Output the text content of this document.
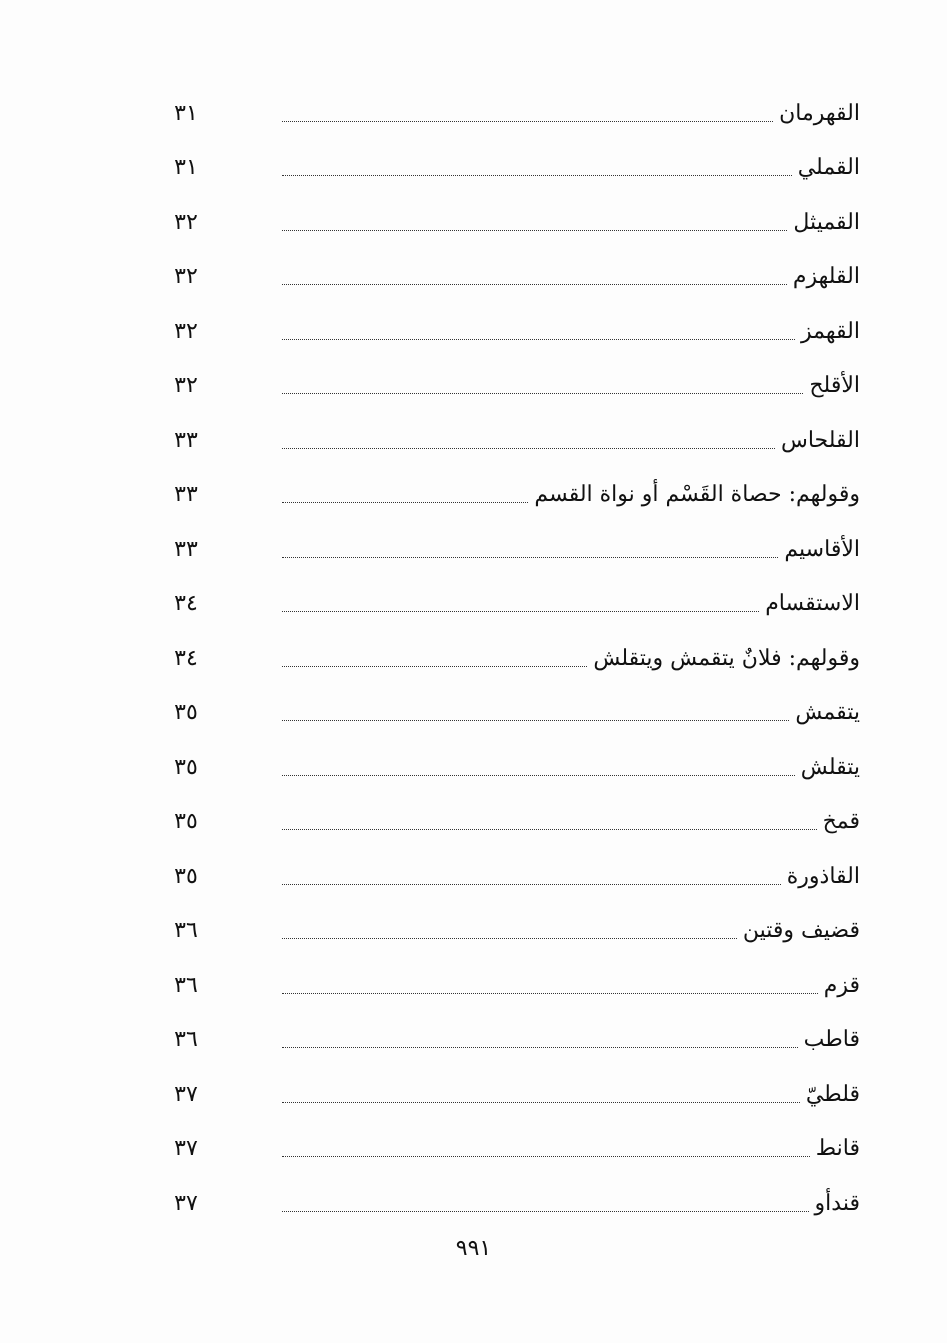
القهرمان
٣١
القملي
٣١
القميثل
٣٢
القلهزم
٣٢
القهمز
٣٢
الأقلح
٣٢
القلحاس
٣٣
وقولهم: حصاة القَسْم أو نواة القسم
٣٣
الأقاسيم
٣٣
الاستقسام
٣٤
وقولهم: فلانٌ يتقمش ويتقلش
٣٤
يتقمش
٣٥
يتقلش
٣٥
قمخ
٣٥
القاذورة
٣٥
قضيف وقتين
٣٦
قزم
٣٦
قاطب
٣٦
قلطيّ
٣٧
قانط
٣٧
قندأو
٣٧
٩٩١
